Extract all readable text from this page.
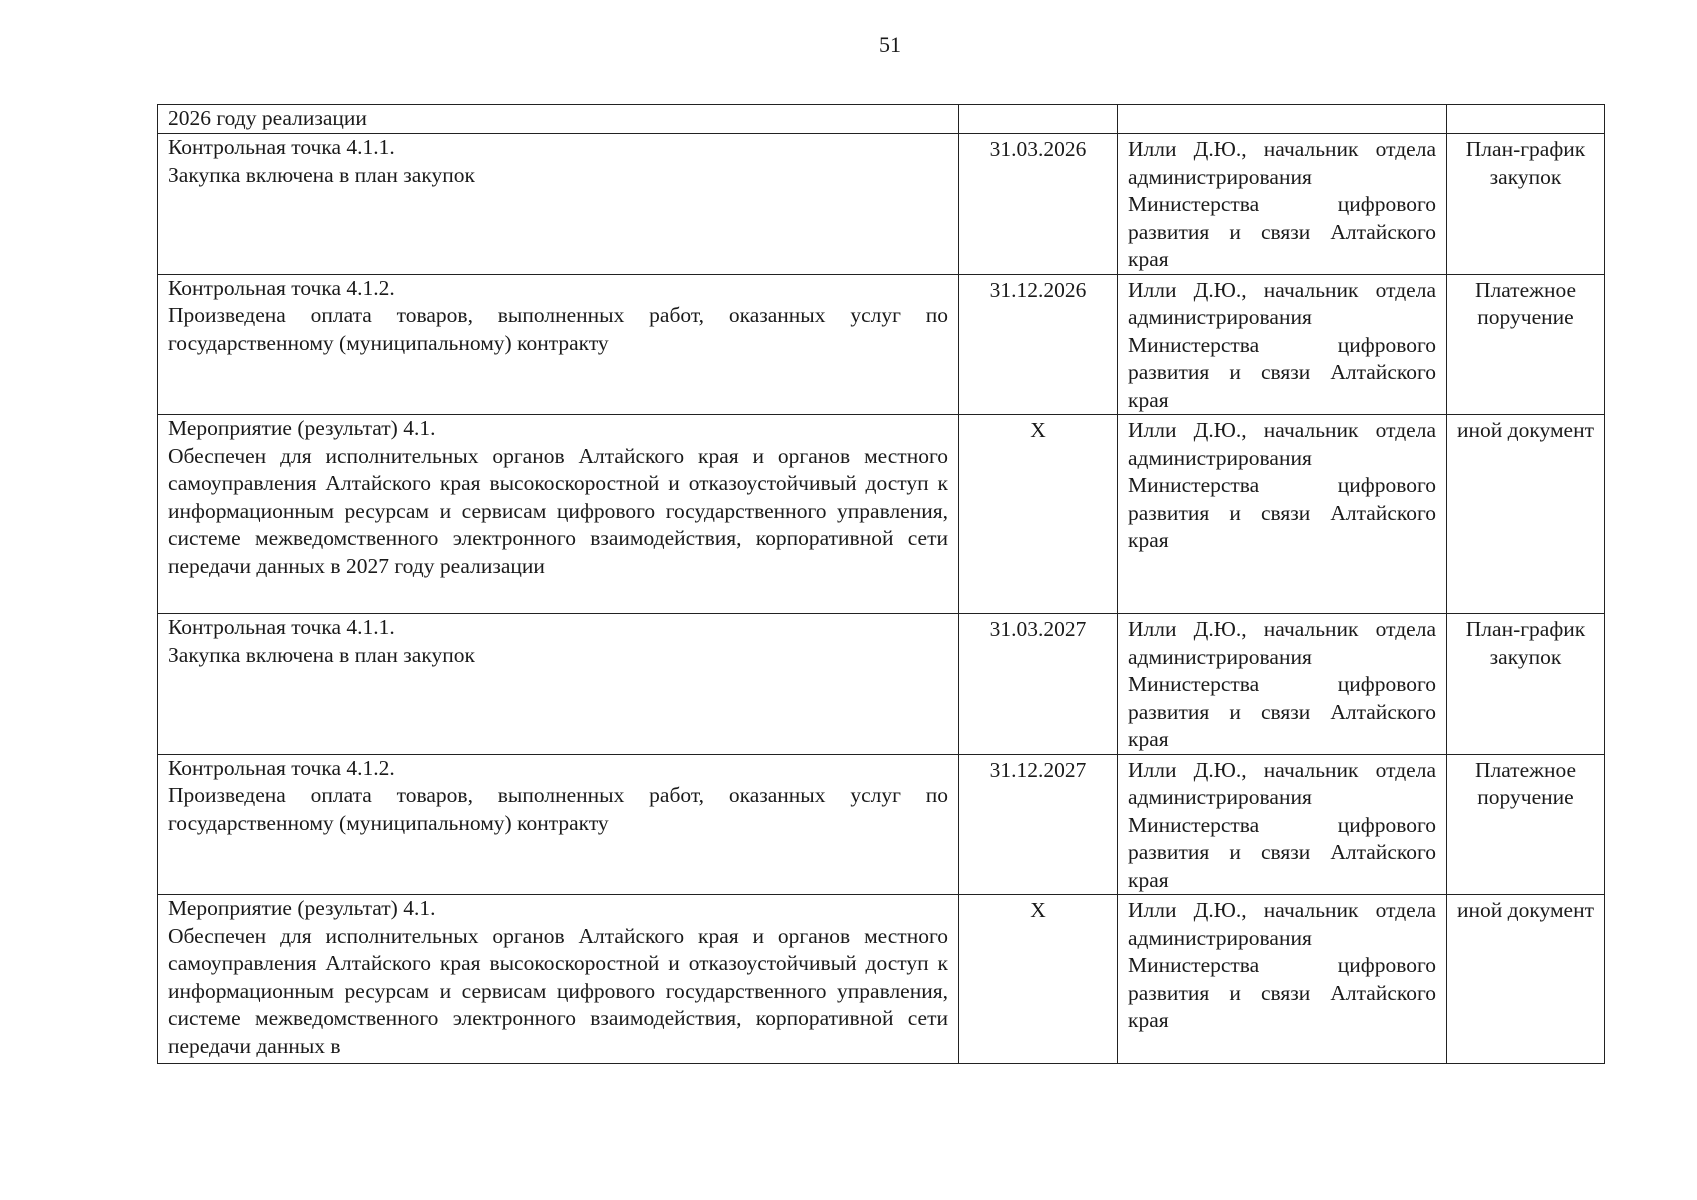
51
2026 году реализации			

Контрольная точка 4.1.1.
Закупка включена в план закупок	31.03.2026	Илли Д.Ю., начальник отдела администрирования Министерства цифрового развития и связи Алтайского края	План-график закупок

Контрольная точка 4.1.2.
Произведена оплата товаров, выполненных работ, оказанных услуг по государственному (муниципальному) контракту	31.12.2026	Илли Д.Ю., начальник отдела администрирования Министерства цифрового развития и связи Алтайского края	Платежное поручение

Мероприятие (результат) 4.1.
Обеспечен для исполнительных органов Алтайского края и органов местного самоуправления Алтайского края высокоскоростной и отказоустойчивый доступ к информационным ресурсам и сервисам цифрового государственного управления, системе межведомственного электронного взаимодействия, корпоративной сети передачи данных в 2027 году реализации	X	Илли Д.Ю., начальник отдела администрирования Министерства цифрового развития и связи Алтайского края	иной документ

Контрольная точка 4.1.1.
Закупка включена в план закупок	31.03.2027	Илли Д.Ю., начальник отдела администрирования Министерства цифрового развития и связи Алтайского края	План-график закупок

Контрольная точка 4.1.2.
Произведена оплата товаров, выполненных работ, оказанных услуг по государственному (муниципальному) контракту	31.12.2027	Илли Д.Ю., начальник отдела администрирования Министерства цифрового развития и связи Алтайского края	Платежное поручение

Мероприятие (результат) 4.1.
Обеспечен для исполнительных органов Алтайского края и органов местного самоуправления Алтайского края высокоскоростной и отказоустойчивый доступ к информационным ресурсам и сервисам цифрового государственного управления, системе межведомственного электронного взаимодействия, корпоративной сети передачи данных в	X	Илли Д.Ю., начальник отдела администрирования Министерства цифрового развития и связи Алтайского края	иной документ
